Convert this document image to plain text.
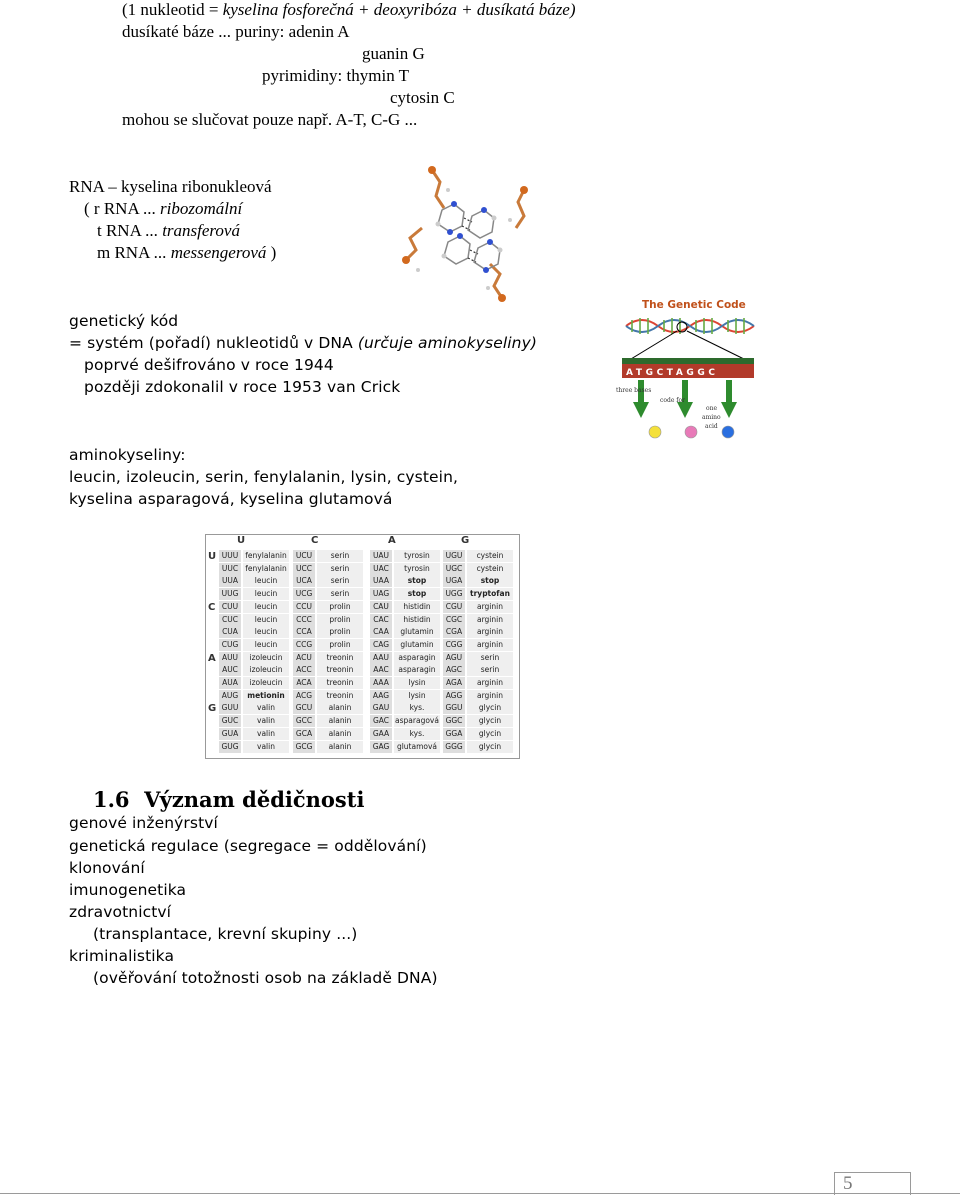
(1 nukleotid = kyselina fosforečná + deoxyribóza + dusíkatá báze)
dusíkaté báze ... puriny: adenin A
guanin G
pyrimidiny: thymin T
cytosin C
mohou se slučovat pouze např. A-T, C-G ...
RNA – kyselina ribonukleová
( r RNA ... ribozomální
t RNA ... transferová
m RNA ... messengerová )
genetický kód
= systém (pořadí) nukleotidů v DNA (určuje aminokyseliny)
poprvé dešifrováno v roce 1944
později zdokonalil v roce 1953 van Crick
The Genetic Code
ATGCTAGGC
three bases
code for
one
amino
acid
aminokyseliny:
leucin, izoleucin, serin, fenylalanin, lysin, cystein,
kyselina asparagová, kyselina glutamová
U	C	A	G
U
C
A
G
UUU fenylalanin	UCU	serin	UAU	tyrosin	UGU	cystein
UUC fenylalanin	UCC	serin	UAC	tyrosin	UGC	cystein
UUA	leucin	UCA	serin	UAA	stop	UGA	stop
UUG	leucin	UCG	serin	UAG	stop	UGG tryptofan
CUU	leucin	CCU	prolin	CAU	histidin	CGU	arginin
CUC	leucin	CCC	prolin	CAC	histidin	CGC	arginin
CUA	leucin	CCA	prolin	CAA	glutamin	CGA	arginin
CUG	leucin	CCG	prolin	CAG	glutamin	CGG	arginin
AUU	izoleucin	ACU	treonin	AAU	asparagin	AGU	serin
AUC	izoleucin	ACC	treonin	AAC	asparagin	AGC	serin
AUA	izoleucin	ACA	treonin	AAA	lysin	AGA	arginin
AUG	metionin	ACG	treonin	AAG	lysin	AGG	arginin
GUU	valin	GCU	alanin	GAU	kys.	GGU	glycin
GUC	valin	GCC	alanin	GAC asparagová GGC	glycin
GUA	valin	GCA	alanin	GAA	kys.	GGA	glycin
GUG	valin	GCG	alanin	GAG	glutamová	GGG	glycin
1.6 Význam dědičnosti
genové inženýrství
genetická regulace (segregace = oddělování)
klonování
imunogenetika
zdravotnictví
(transplantace, krevní skupiny ...)
kriminalistika
(ověřování totožnosti osob na základě DNA)
5
